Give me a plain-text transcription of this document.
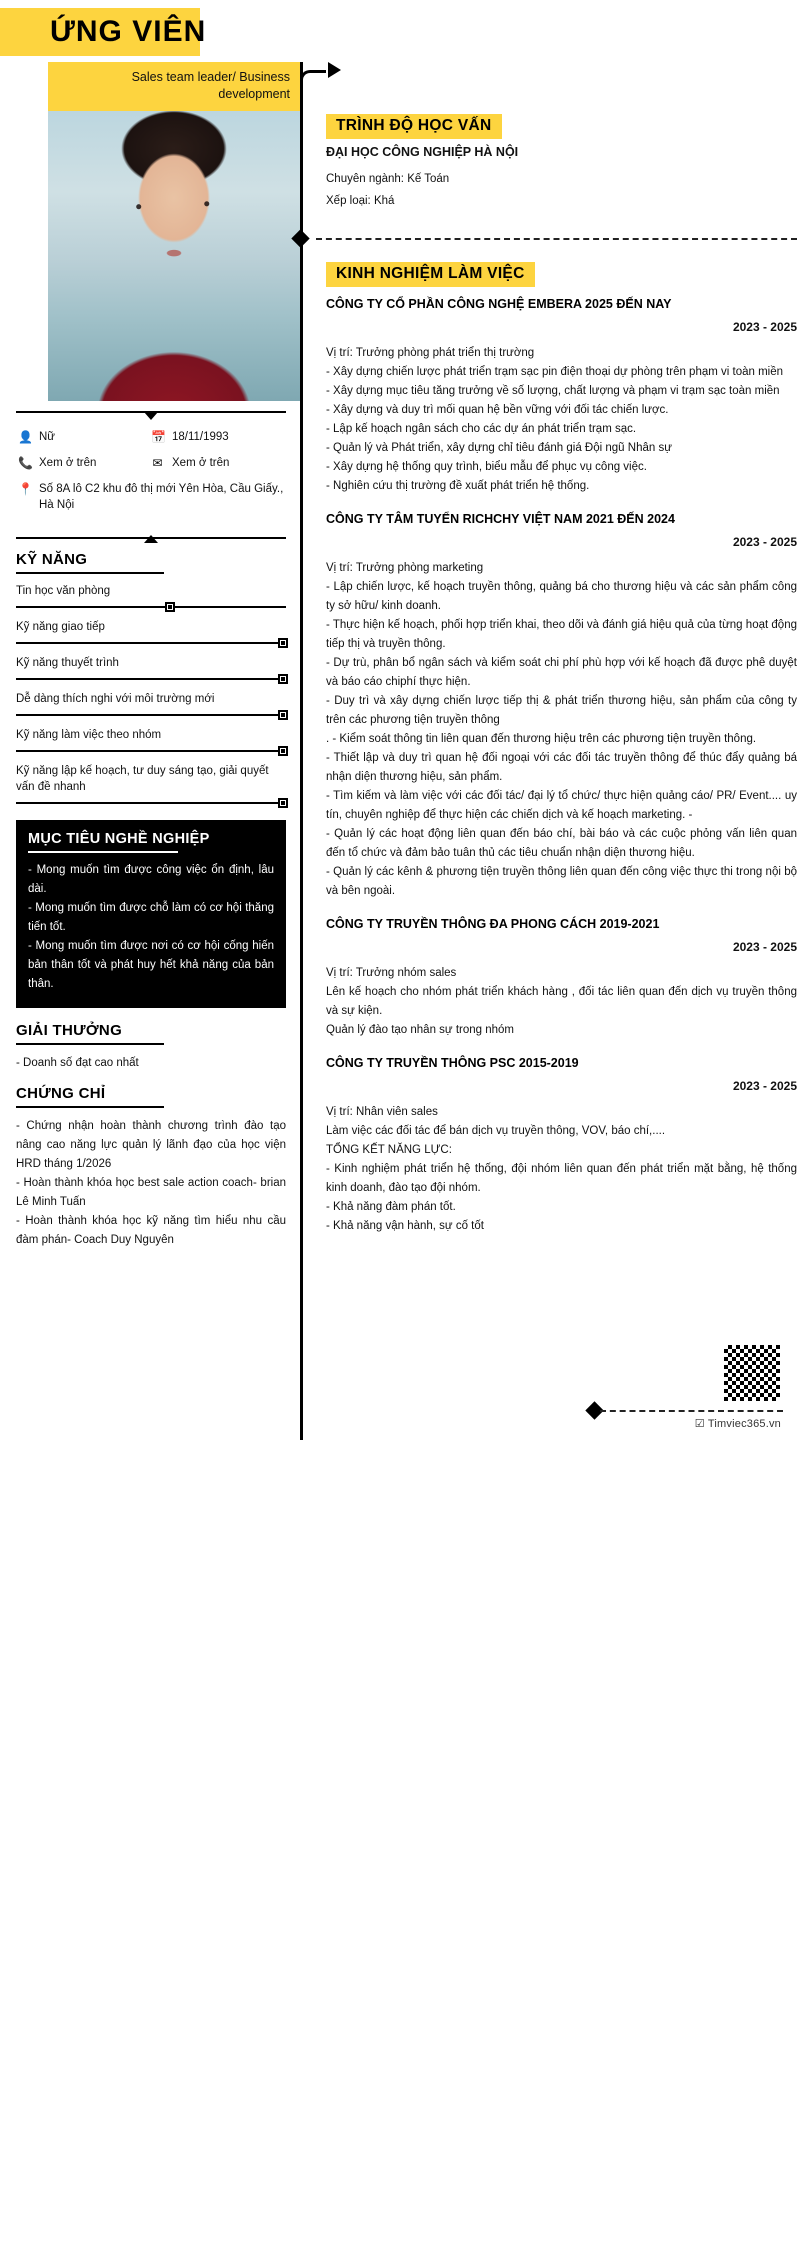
ỨNG VIÊN
Sales team leader/ Business development
👤 Nữ	📅 18/11/1993
📞 Xem ở trên	✉ Xem ở trên
📍 Số 8A lô C2 khu đô thị mới Yên Hòa, Cầu Giấy., Hà Nội
KỸ NĂNG
Tin học văn phòng
Kỹ năng giao tiếp
Kỹ năng thuyết trình
Dễ dàng thích nghi với môi trường mới
Kỹ năng làm việc theo nhóm
Kỹ năng lập kế hoạch, tư duy sáng tạo, giải quyết vấn đề nhanh
MỤC TIÊU NGHỀ NGHIỆP

- Mong muốn tìm được công việc ổn định, lâu dài.

- Mong muốn tìm được chỗ làm có cơ hội thăng tiến tốt.

- Mong muốn tìm được nơi có cơ hội cống hiến bản thân tốt và phát huy hết khả năng của bản thân.

GIẢI THƯỞNG

- Doanh số đạt cao nhất

CHỨNG CHỈ

- Chứng nhận hoàn thành chương trình đào tạo nâng cao năng lực quản lý lãnh đạo của học viện HRD tháng 1/2026

- Hoàn thành khóa học best sale action coach- brian Lê Minh Tuấn

- Hoàn thành khóa học kỹ năng tìm hiểu nhu cầu đàm phán- Coach Duy Nguyên

TRÌNH ĐỘ HỌC VẤN
ĐẠI HỌC CÔNG NGHIỆP HÀ NỘI
Chuyên ngành: Kế Toán
Xếp loại: Khá
KINH NGHIỆM LÀM VIỆC
CÔNG TY CỔ PHẦN CÔNG NGHỆ EMBERA 2025 ĐẾN NAY
2023 - 2025
Vị trí: Trưởng phòng phát triển thị trường

- Xây dựng chiến lược phát triển trạm sạc pin điện thoại dự phòng trên phạm vi toàn miền

- Xây dựng mục tiêu tăng trưởng về số lượng, chất lượng và phạm vi trạm sạc toàn miền

- Xây dựng và duy trì mối quan hệ bền vững với đối tác chiến lược.

- Lập kế hoạch ngân sách cho các dự án phát triển trạm sạc.

- Quản lý và Phát triển, xây dựng chỉ tiêu đánh giá Đội ngũ Nhân sự

- Xây dựng hệ thống quy trình, biểu mẫu để phục vụ công việc.

- Nghiên cứu thị trường đề xuất phát triển hệ thống.

CÔNG TY TÂM TUYỂN RICHCHY VIỆT NAM 2021 ĐẾN 2024
2023 - 2025
Vị trí: Trưởng phòng marketing

- Lập chiến lược, kế hoạch truyền thông, quảng bá cho thương hiệu và các sản phẩm công ty sở hữu/ kinh doanh.

- Thực hiện kế hoạch, phối hợp triển khai, theo dõi và đánh giá hiệu quả của từng hoạt động tiếp thị và truyền thông.

- Dự trù, phân bổ ngân sách và kiểm soát chi phí phù hợp với kế hoạch đã được phê duyệt và báo cáo chiphí thực hiện.

- Duy trì và xây dựng chiến lược tiếp thị & phát triển thương hiệu, sản phẩm của công ty trên các phương tiện truyền thông

. - Kiểm soát thông tin liên quan đến thương hiệu trên các phương tiện truyền thông.

- Thiết lập và duy trì quan hệ đối ngoại với các đối tác truyền thông để thúc đẩy quảng bá nhận diện thương hiệu, sản phẩm.

- Tìm kiếm và làm việc với các đối tác/ đại lý tổ chức/ thực hiện quảng cáo/ PR/ Event.... uy tín, chuyên nghiệp để thực hiện các chiến dịch và kế hoạch marketing. -

- Quản lý các hoạt động liên quan đến báo chí, bài báo và các cuộc phỏng vấn liên quan đến tổ chức và đảm bảo tuân thủ các tiêu chuẩn nhận diện thương hiệu.

- Quản lý các kênh & phương tiện truyền thông liên quan đến công việc thực thi trong nội bộ và bên ngoài.

CÔNG TY TRUYỀN THÔNG ĐA PHONG CÁCH 2019-2021
2023 - 2025
Vị trí: Trưởng nhóm sales

Lên kế hoạch cho nhóm phát triển khách hàng , đối tác liên quan đến dịch vụ truyền thông và sự kiện.

Quản lý đào tạo nhân sự trong nhóm

CÔNG TY TRUYỀN THÔNG PSC 2015-2019
2023 - 2025
Vị trí: Nhân viên sales

Làm việc các đối tác để bán dịch vụ truyền thông, VOV, báo chí,....

TỔNG KẾT NĂNG LỰC:

- Kinh nghiệm phát triển hệ thống, đội nhóm liên quan đến phát triển mặt bằng, hệ thống kinh doanh, đào tạo đội nhóm.

- Khả năng đàm phán tốt.

- Khả năng vận hành, sự cố tốt

☑ Timviec365.vn
